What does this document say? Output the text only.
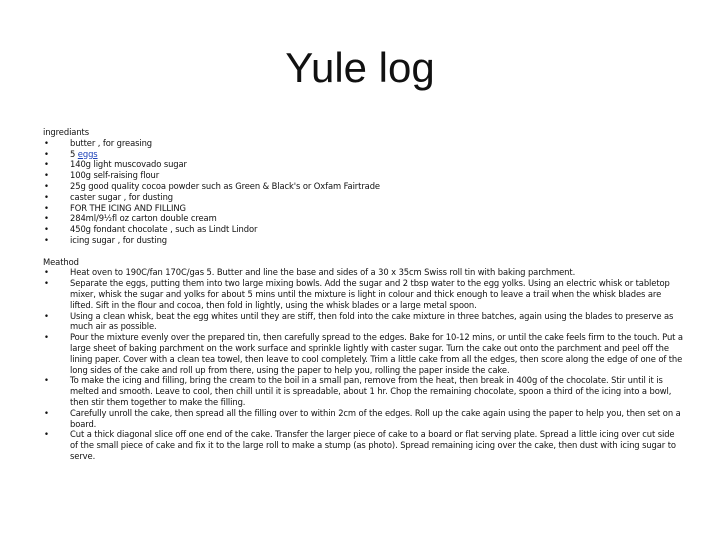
Yule log
ingrediants
•	butter , for greasing
•	5 eggs
•	140g light muscovado sugar
•	100g self-raising flour
•	25g good quality cocoa powder such as Green & Black's or Oxfam Fairtrade
•	caster sugar , for dusting
•	FOR THE ICING AND FILLING
•	284ml/9½fl oz carton double cream
•	450g fondant chocolate , such as Lindt Lindor
•	icing sugar , for dusting
Meathod
•	Heat oven to 190C/fan 170C/gas 5. Butter and line the base and sides of a 30 x 35cm Swiss roll tin with baking parchment.
•	Separate the eggs, putting them into two large mixing bowls. Add the sugar and 2 tbsp water to the egg yolks. Using an electric whisk or tabletop mixer, whisk the sugar and yolks for about 5 mins until the mixture is light in colour and thick enough to leave a trail when the whisk blades are lifted. Sift in the flour and cocoa, then fold in lightly, using the whisk blades or a large metal spoon.
•	Using a clean whisk, beat the egg whites until they are stiff, then fold into the cake mixture in three batches, again using the blades to preserve as much air as possible.
•	Pour the mixture evenly over the prepared tin, then carefully spread to the edges. Bake for 10-12 mins, or until the cake feels firm to the touch. Put a large sheet of baking parchment on the work surface and sprinkle lightly with caster sugar. Turn the cake out onto the parchment and peel off the lining paper. Cover with a clean tea towel, then leave to cool completely. Trim a little cake from all the edges, then score along the edge of one of the long sides of the cake and roll up from there, using the paper to help you, rolling the paper inside the cake.
•	To make the icing and filling, bring the cream to the boil in a small pan, remove from the heat, then break in 400g of the chocolate. Stir until it is melted and smooth. Leave to cool, then chill until it is spreadable, about 1 hr. Chop the remaining chocolate, spoon a third of the icing into a bowl, then stir them together to make the filling.
•	Carefully unroll the cake, then spread all the filling over to within 2cm of the edges. Roll up the cake again using the paper to help you, then set on a board.
•	Cut a thick diagonal slice off one end of the cake. Transfer the larger piece of cake to a board or flat serving plate. Spread a little icing over cut side of the small piece of cake and fix it to the large roll to make a stump (as photo). Spread remaining icing over the cake, then dust with icing sugar to serve.
